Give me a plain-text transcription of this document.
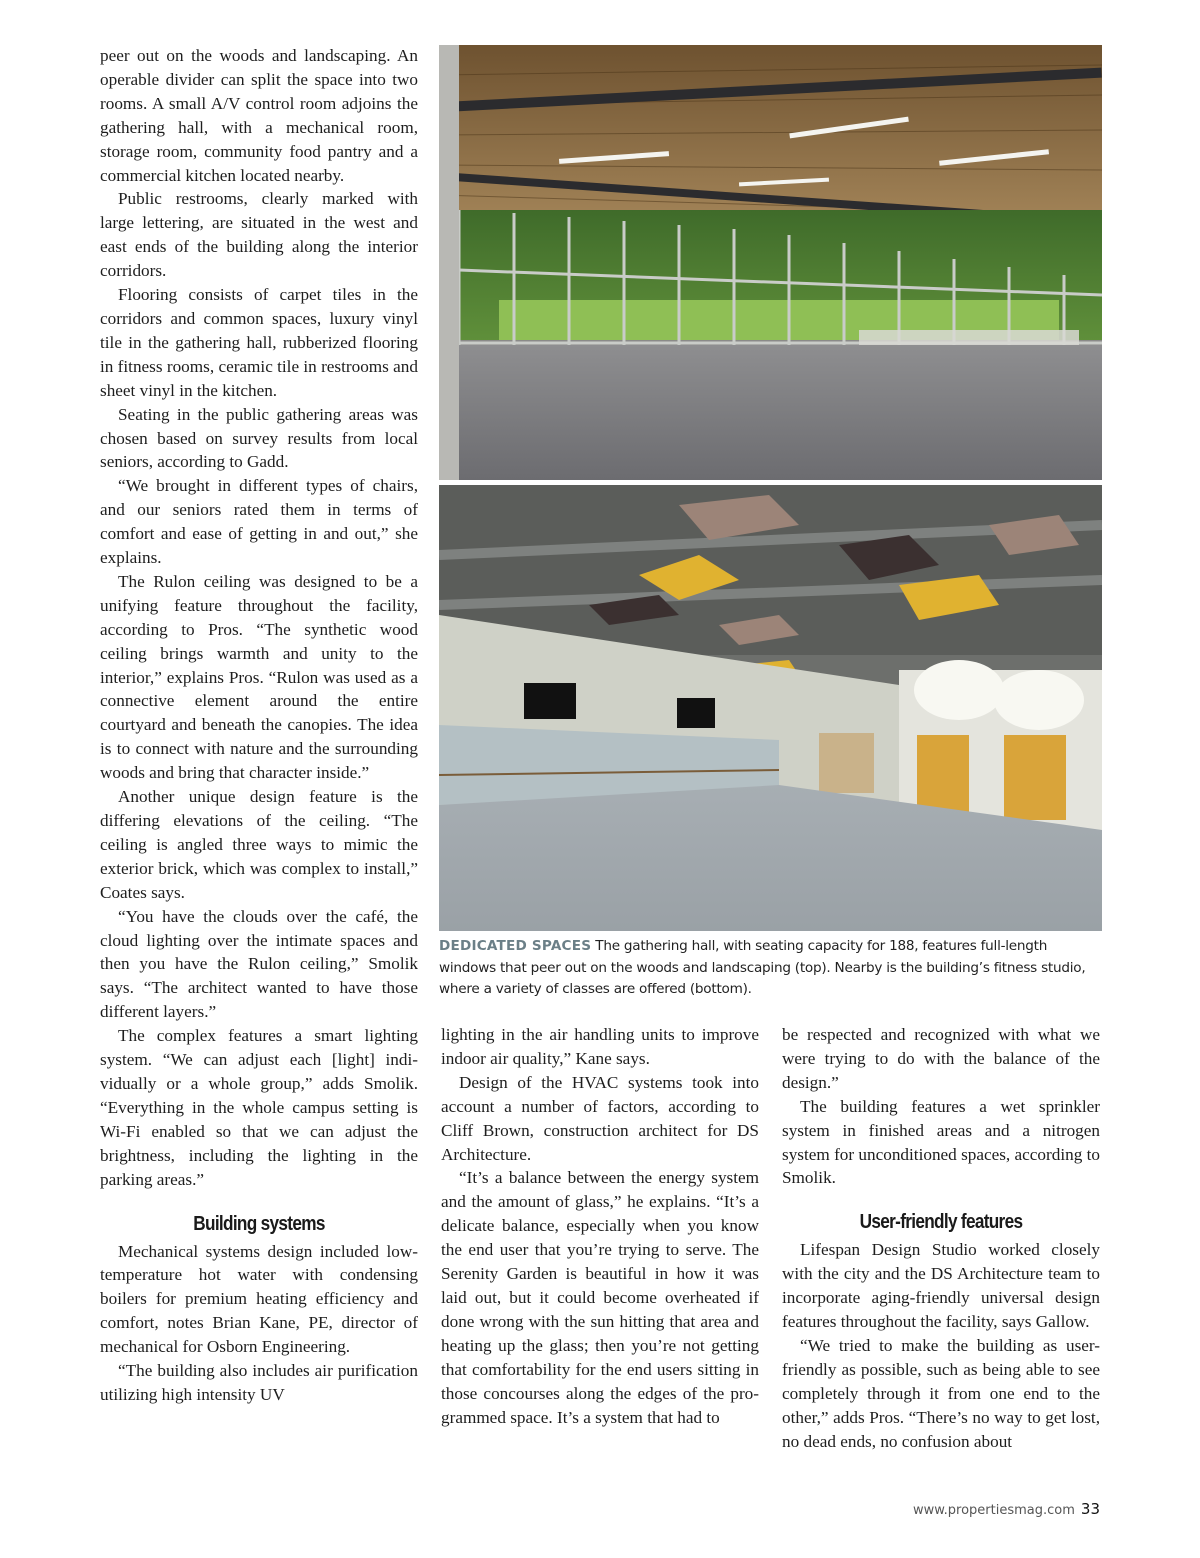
peer out on the woods and landscaping. An operable divider can split the space into two rooms. A small A/V control room adjoins the gathering hall, with a mechanical room, storage room, community food pantry and a commercial kitchen located nearby.

Public restrooms, clearly marked with large lettering, are situated in the west and east ends of the building along the interior corridors.

Flooring consists of carpet tiles in the corridors and common spaces, luxury vinyl tile in the gathering hall, rubberized flooring in fitness rooms, ceramic tile in restrooms and sheet vinyl in the kitchen.

Seating in the public gathering areas was chosen based on survey results from local seniors, according to Gadd.

“We brought in different types of chairs, and our seniors rated them in terms of comfort and ease of getting in and out,” she explains.

The Rulon ceiling was designed to be a unifying feature throughout the facility, according to Pros. “The synthetic wood ceiling brings warmth and unity to the interior,” explains Pros. “Rulon was used as a connective element around the entire courtyard and beneath the canopies. The idea is to connect with nature and the surrounding woods and bring that character inside.”

Another unique design feature is the differing elevations of the ceiling. “The ceiling is angled three ways to mimic the exterior brick, which was complex to install,” Coates says.

“You have the clouds over the café, the cloud lighting over the intimate spaces and then you have the Rulon ceiling,” Smolik says. “The architect wanted to have those different layers.”

The complex features a smart lighting system. “We can adjust each [light] individually or a whole group,” adds Smolik. “Everything in the whole campus setting is Wi-Fi enabled so that we can adjust the brightness, including the lighting in the parking areas.”

Building systems

Mechanical systems design included low-temperature hot water with condensing boilers for premium heating efficiency and comfort, notes Brian Kane, PE, director of mechanical for Osborn Engineering.

“The building also includes air purification utilizing high intensity UV

DEDICATED SPACES The gathering hall, with seating capacity for 188, features full-length windows that peer out on the woods and landscaping (top). Nearby is the building’s fitness studio, where a variety of classes are offered (bottom).

lighting in the air handling units to improve indoor air quality,” Kane says.

Design of the HVAC systems took into account a number of factors, according to Cliff Brown, construction architect for DS Architecture.

“It’s a balance between the energy system and the amount of glass,” he explains. “It’s a delicate balance, especially when you know the end user that you’re trying to serve. The Serenity Garden is beautiful in how it was laid out, but it could become overheated if done wrong with the sun hitting that area and heating up the glass; then you’re not getting that comfortability for the end users sitting in those concourses along the edges of the programmed space. It’s a system that had to

be respected and recognized with what we were trying to do with the balance of the design.”

The building features a wet sprinkler system in finished areas and a nitrogen system for unconditioned spaces, according to Smolik.

User-friendly features

Lifespan Design Studio worked closely with the city and the DS Architecture team to incorporate aging-friendly universal design features throughout the facility, says Gallow.

“We tried to make the building as user-friendly as possible, such as being able to see completely through it from one end to the other,” adds Pros. “There’s no way to get lost, no dead ends, no confusion about

www.propertiesmag.com 33
